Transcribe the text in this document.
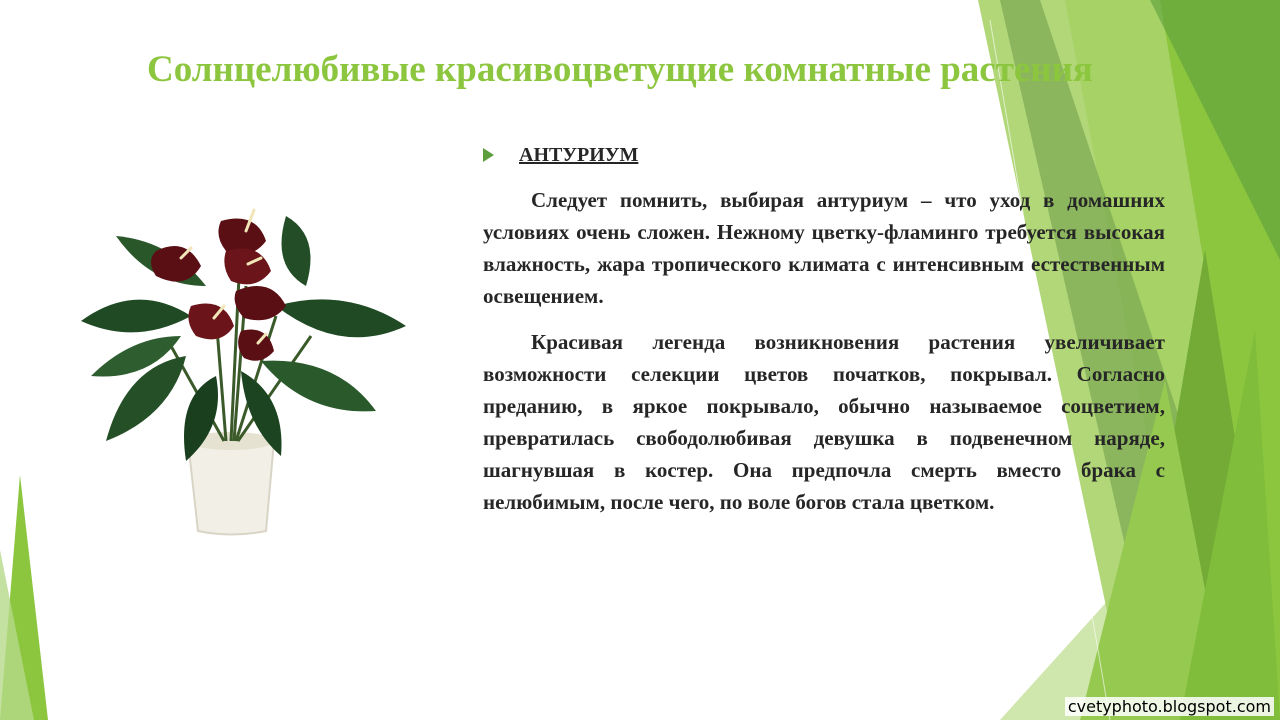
Солнцелюбивые красивоцветущие комнатные растения
АНТУРИУМ

Следует помнить, выбирая антуриум – что уход в домашних условиях очень сложен. Нежному цветку-фламинго требуется высокая влажность, жара тропического климата с интенсивным естественным освещением.

Красивая легенда возникновения растения увеличивает возможности селекции цветов початков, покрывал. Согласно преданию, в яркое покрывало, обычно называемое соцветием, превратилась свободолюбивая девушка в подвенечном наряде, шагнувшая в костер. Она предпочла смерть вместо брака с нелюбимым, после чего, по воле богов стала цветком.

cvetyphoto.blogspot.com
